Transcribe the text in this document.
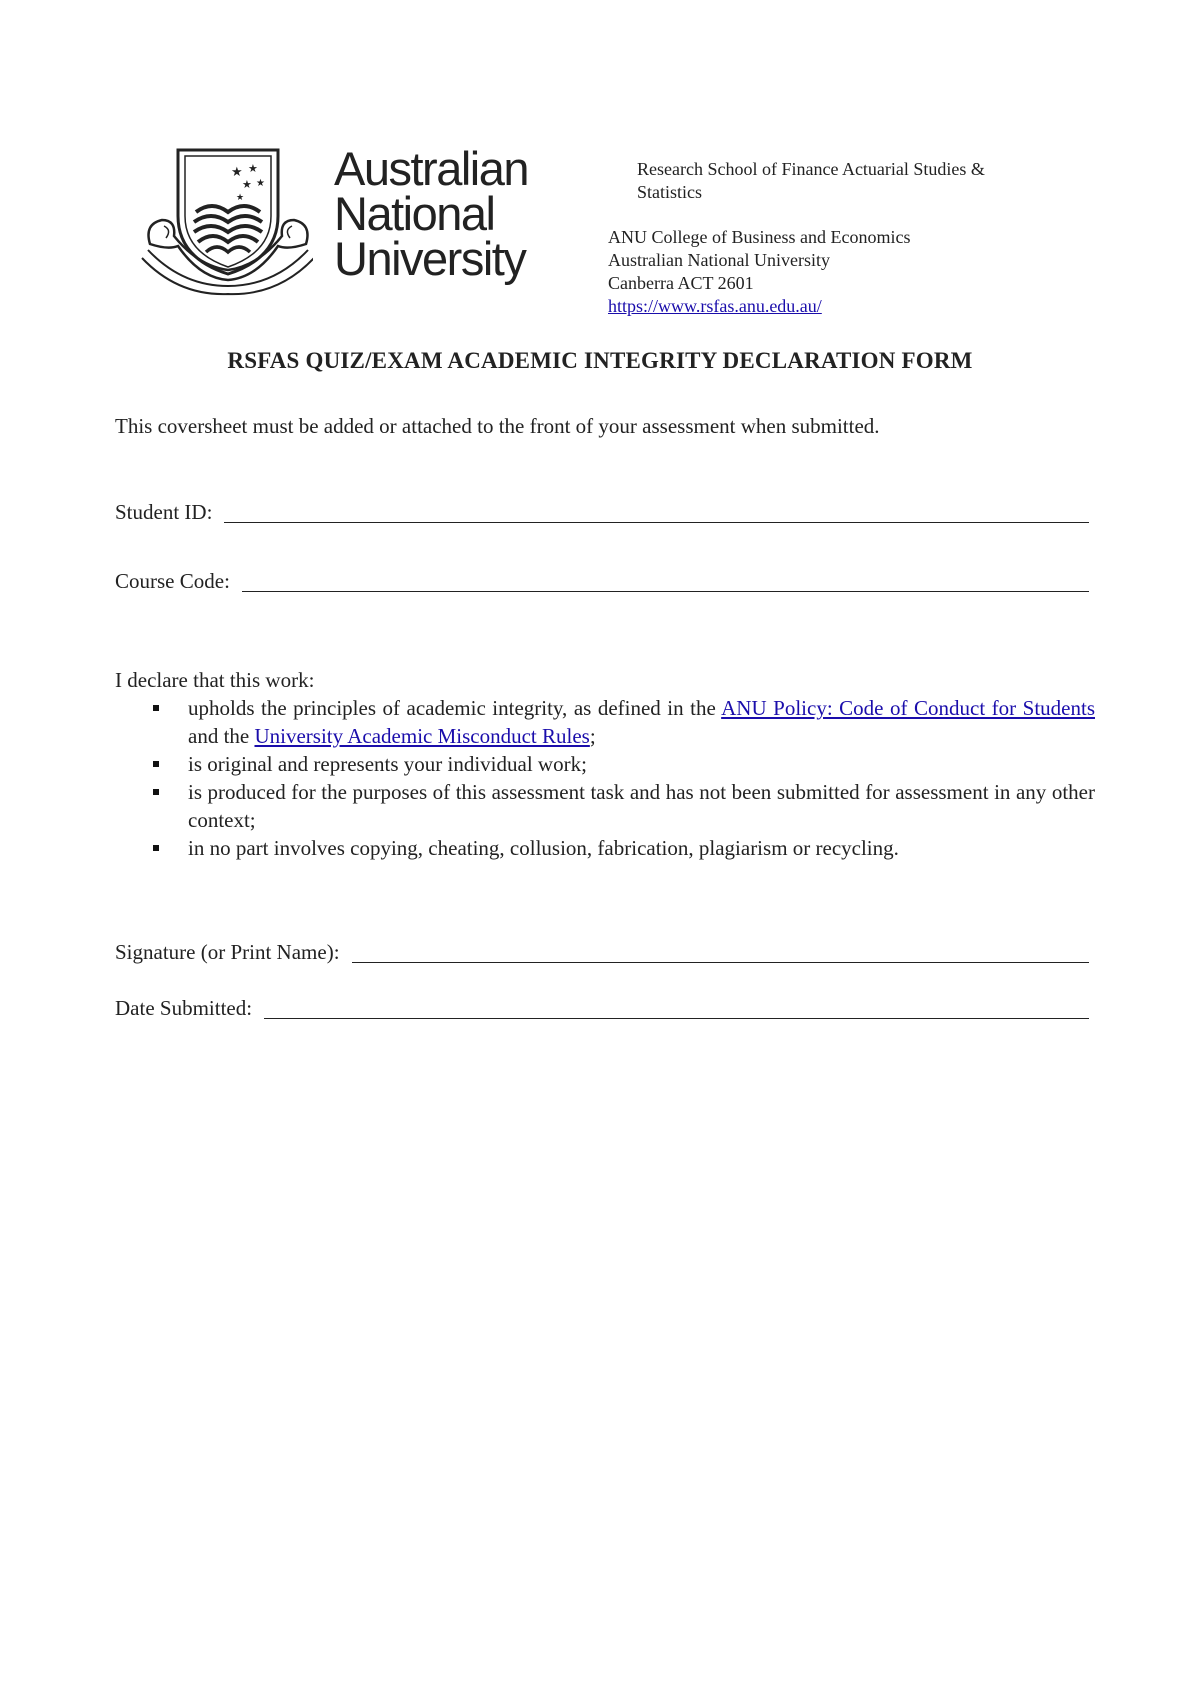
★ ★
★ ★
★
Australian
National
University
Research School of Finance Actuarial Studies &
Statistics
ANU College of Business and Economics
Australian National University
Canberra ACT 2601
https://www.rsfas.anu.edu.au/
RSFAS QUIZ/EXAM ACADEMIC INTEGRITY DECLARATION FORM
This coversheet must be added or attached to the front of your assessment when submitted.
Student ID:
Course Code:
I declare that this work:
upholds the principles of academic integrity, as defined in the ANU Policy: Code of Conduct for Students and the University Academic Misconduct Rules;
is original and represents your individual work;
is produced for the purposes of this assessment task and has not been submitted for assessment in any other context;
in no part involves copying, cheating, collusion, fabrication, plagiarism or recycling.
Signature (or Print Name):
Date Submitted:
